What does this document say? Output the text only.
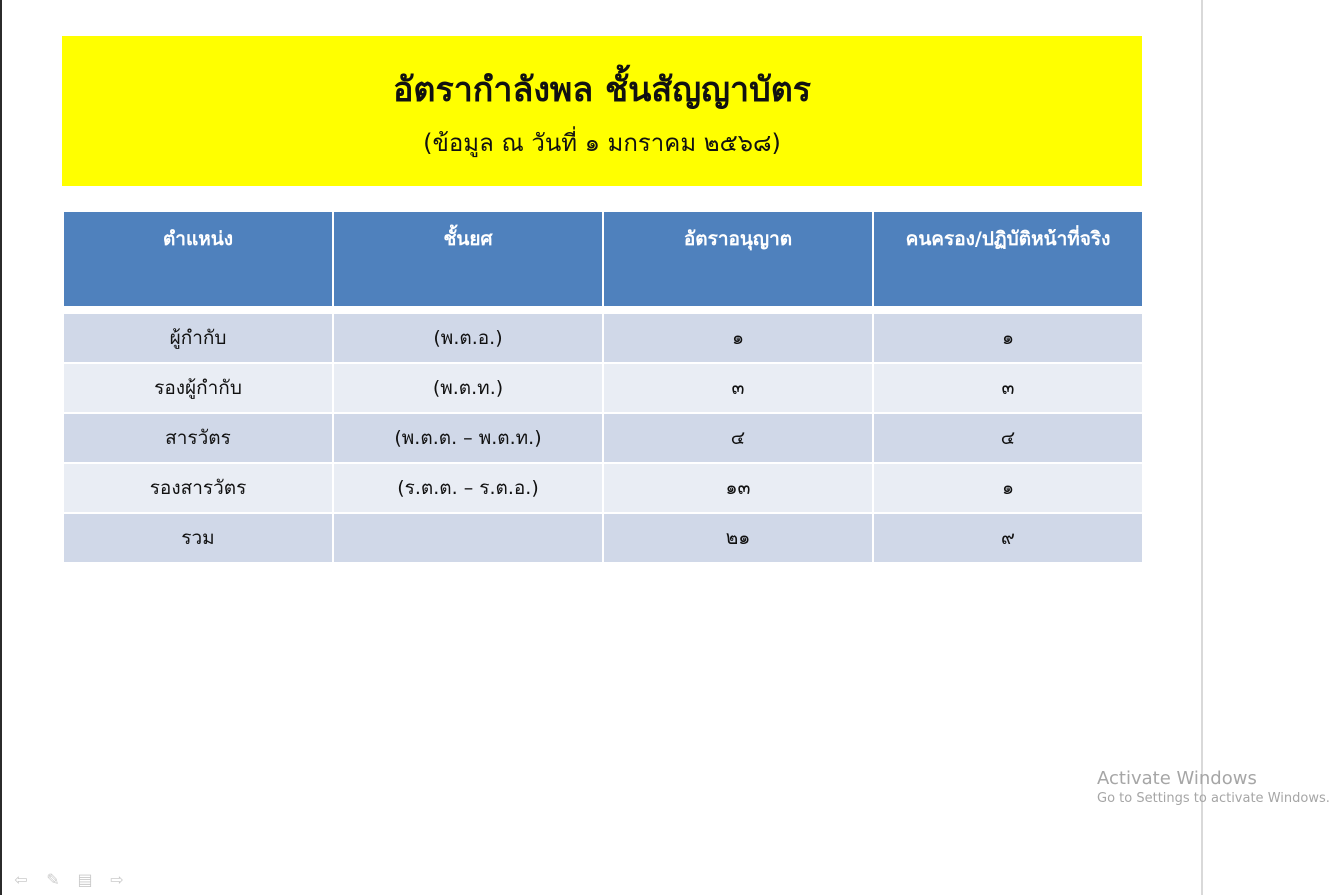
อัตรากำลังพล ชั้นสัญญาบัตร
(ข้อมูล ณ วันที่ ๑ มกราคม ๒๕๖๘)
ตำแหน่ง	ชั้นยศ	อัตราอนุญาต	คนครอง/ปฏิบัติหน้าที่จริง

ผู้กำกับ	(พ.ต.อ.)	๑	๑
รองผู้กำกับ	(พ.ต.ท.)	๓	๓
สารวัตร	(พ.ต.ต. – พ.ต.ท.)	๔	๔
รองสารวัตร	(ร.ต.ต. – ร.ต.อ.)	๑๓	๑
รวม		๒๑	๙
Activate Windows
Go to Settings to activate Windows.
⇦ ✎ ▤ ⇨
